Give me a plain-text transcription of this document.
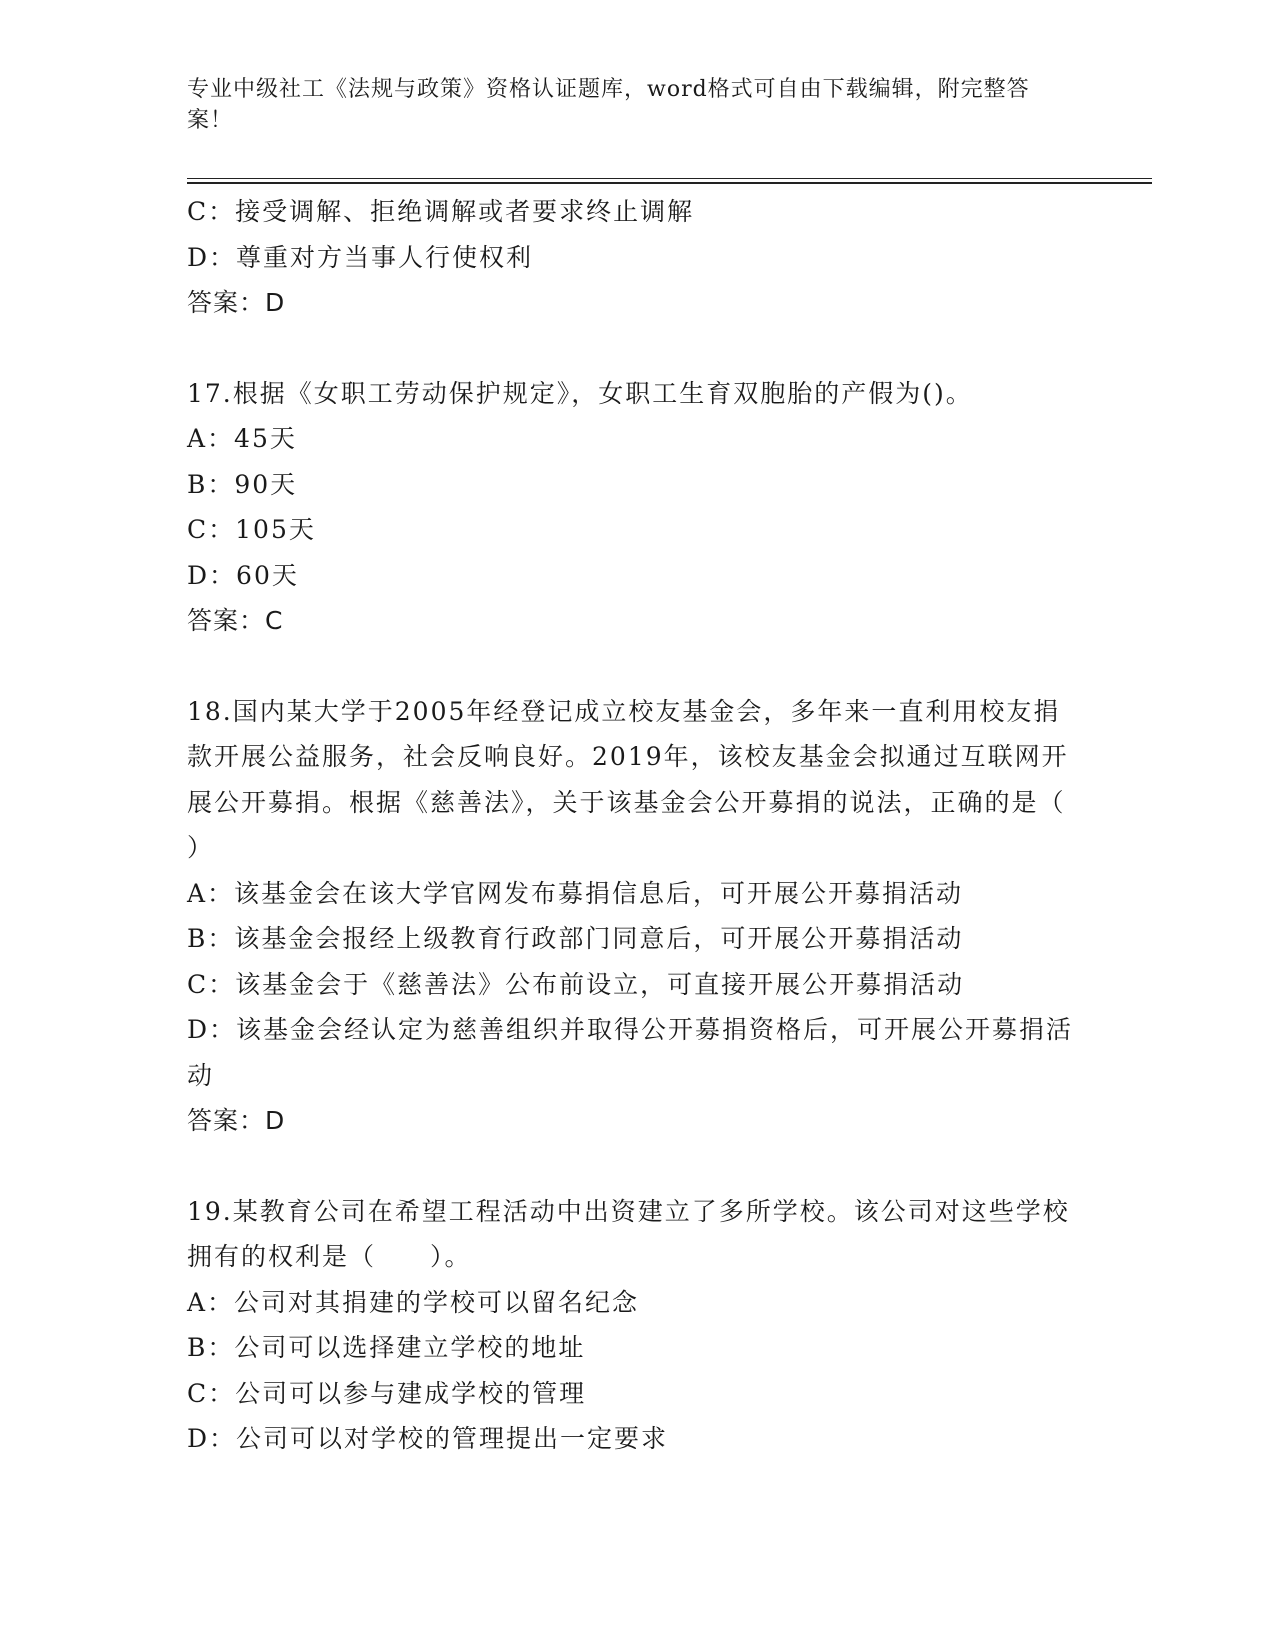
专业中级社工《法规与政策》资格认证题库，word格式可自由下载编辑，附完整答案！
C：接受调解、拒绝调解或者要求终止调解
D：尊重对方当事人行使权利
答案：D
17.根据《女职工劳动保护规定》，女职工生育双胞胎的产假为()。
A：45天
B：90天
C：105天
D：60天
答案：C
18.国内某大学于2005年经登记成立校友基金会，多年来一直利用校友捐款开展公益服务，社会反响良好。2019年，该校友基金会拟通过互联网开展公开募捐。根据《慈善法》，关于该基金会公开募捐的说法，正确的是（ ）
A：该基金会在该大学官网发布募捐信息后，可开展公开募捐活动
B：该基金会报经上级教育行政部门同意后，可开展公开募捐活动
C：该基金会于《慈善法》公布前设立，可直接开展公开募捐活动
D：该基金会经认定为慈善组织并取得公开募捐资格后，可开展公开募捐活动
答案：D
19.某教育公司在希望工程活动中出资建立了多所学校。该公司对这些学校拥有的权利是（　　）。
A：公司对其捐建的学校可以留名纪念
B：公司可以选择建立学校的地址
C：公司可以参与建成学校的管理
D：公司可以对学校的管理提出一定要求
